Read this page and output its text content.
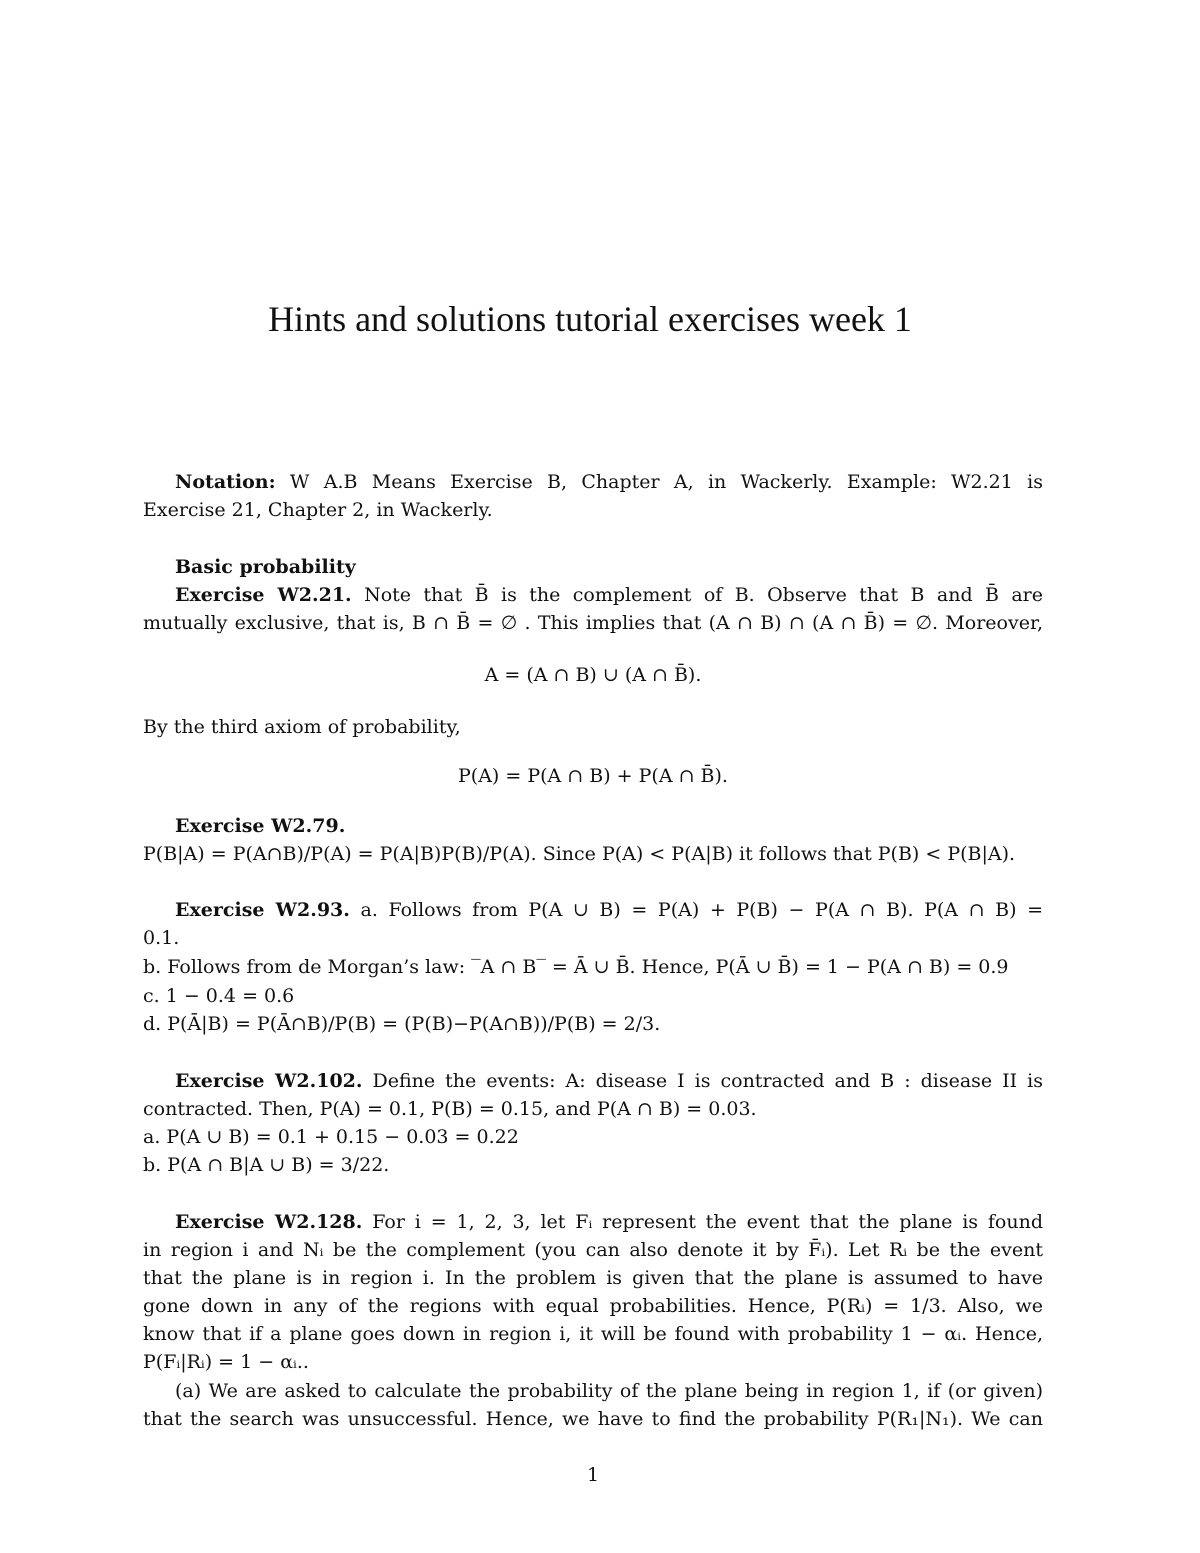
Hints and solutions tutorial exercises week 1
Notation: W A.B Means Exercise B, Chapter A, in Wackerly. Example: W2.21 is
Exercise 21, Chapter 2, in Wackerly.
Basic probability
Exercise W2.21. Note that B̄ is the complement of B. Observe that B and B̄ are
mutually exclusive, that is, B ∩ B̄ = ∅ . This implies that (A ∩ B) ∩ (A ∩ B̄) = ∅. Moreover,
A = (A ∩ B) ∪ (A ∩ B̄).
By the third axiom of probability,
P(A) = P(A ∩ B) + P(A ∩ B̄).
Exercise W2.79.
P(B|A) = P(A∩B)/P(A) = P(A|B)P(B)/P(A). Since P(A) < P(A|B) it follows that P(B) < P(B|A).
Exercise W2.93. a. Follows from P(A ∪ B) = P(A) + P(B) − P(A ∩ B). P(A ∩ B) =
0.1.
b. Follows from de Morgan’s law: ‾A ∩ B‾ = Ā ∪ B̄. Hence, P(Ā ∪ B̄) = 1 − P(A ∩ B) = 0.9
c. 1 − 0.4 = 0.6
d. P(Ā|B) = P(Ā∩B)/P(B) = (P(B)−P(A∩B))/P(B) = 2/3.
Exercise W2.102. Define the events: A: disease I is contracted and B : disease II is
contracted. Then, P(A) = 0.1, P(B) = 0.15, and P(A ∩ B) = 0.03.
a. P(A ∪ B) = 0.1 + 0.15 − 0.03 = 0.22
b. P(A ∩ B|A ∪ B) = 3/22.
Exercise W2.128. For i = 1, 2, 3, let Fᵢ represent the event that the plane is found
in region i and Nᵢ be the complement (you can also denote it by F̄ᵢ). Let Rᵢ be the event
that the plane is in region i. In the problem is given that the plane is assumed to have
gone down in any of the regions with equal probabilities. Hence, P(Rᵢ) = 1/3. Also, we
know that if a plane goes down in region i, it will be found with probability 1 − αᵢ. Hence,
P(Fᵢ|Rᵢ) = 1 − αᵢ..
(a) We are asked to calculate the probability of the plane being in region 1, if (or given)
that the search was unsuccessful. Hence, we have to find the probability P(R₁|N₁). We can
1
